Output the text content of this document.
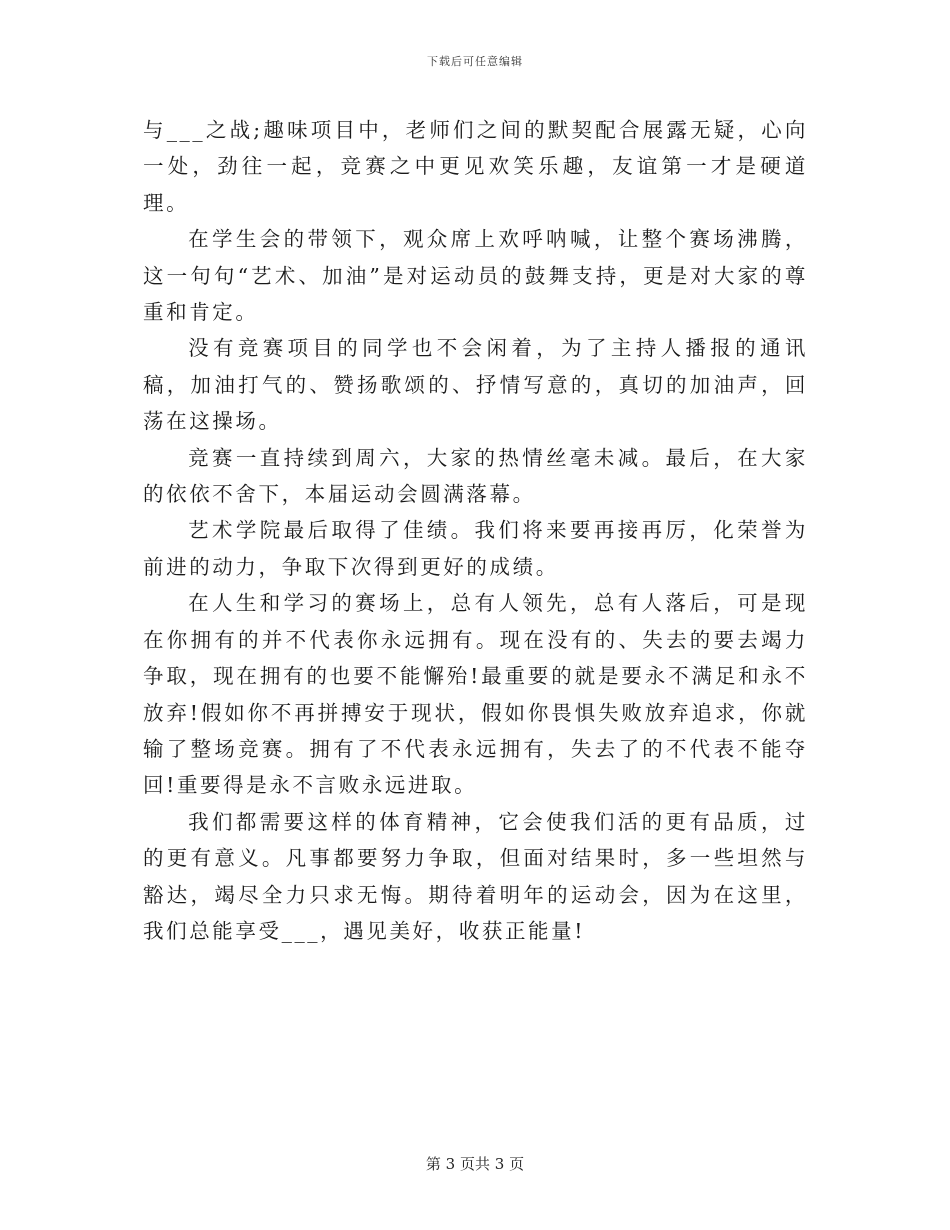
下载后可任意编辑

与___之战;趣味项目中，老师们之间的默契配合展露无疑，心向一处，劲往一起，竞赛之中更见欢笑乐趣，友谊第一才是硬道理。

在学生会的带领下，观众席上欢呼呐喊，让整个赛场沸腾，这一句句“艺术、加油”是对运动员的鼓舞支持，更是对大家的尊重和肯定。

没有竞赛项目的同学也不会闲着，为了主持人播报的通讯稿，加油打气的、赞扬歌颂的、抒情写意的，真切的加油声，回荡在这操场。

竞赛一直持续到周六，大家的热情丝毫未减。最后，在大家的依依不舍下，本届运动会圆满落幕。

艺术学院最后取得了佳绩。我们将来要再接再厉，化荣誉为前进的动力，争取下次得到更好的成绩。

在人生和学习的赛场上，总有人领先，总有人落后，可是现在你拥有的并不代表你永远拥有。现在没有的、失去的要去竭力争取，现在拥有的也要不能懈殆!最重要的就是要永不满足和永不放弃!假如你不再拼搏安于现状，假如你畏惧失败放弃追求，你就输了整场竞赛。拥有了不代表永远拥有，失去了的不代表不能夺回!重要得是永不言败永远进取。

我们都需要这样的体育精神，它会使我们活的更有品质，过的更有意义。凡事都要努力争取，但面对结果时，多一些坦然与豁达，竭尽全力只求无悔。期待着明年的运动会，因为在这里，我们总能享受___，遇见美好，收获正能量!

第 3 页共 3 页
